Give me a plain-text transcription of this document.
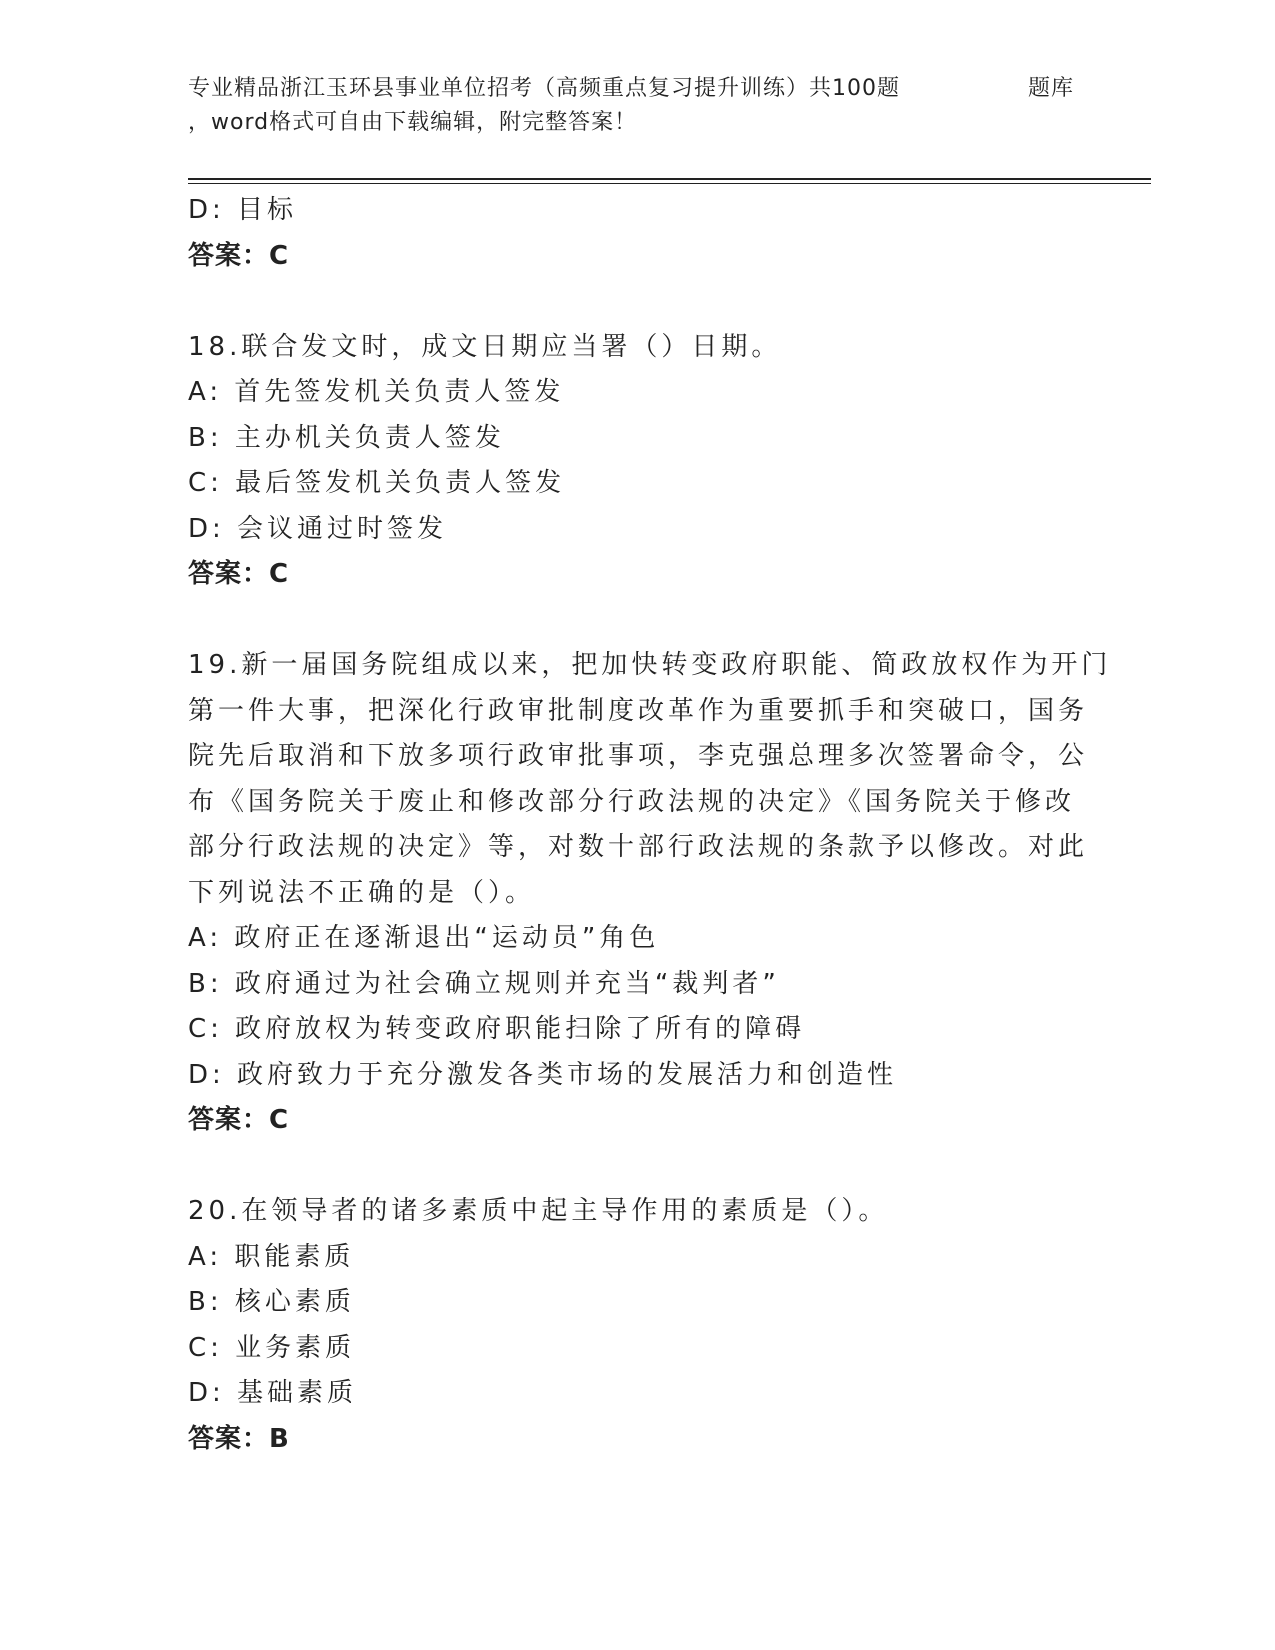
专业精品浙江玉环县事业单位招考（高频重点复习提升训练）共100题
，word格式可自由下载编辑，附完整答案！
题库

D: 目标

答案：C

18.联合发文时，成文日期应当署（）日期。

A: 首先签发机关负责人签发

B: 主办机关负责人签发

C: 最后签发机关负责人签发

D: 会议通过时签发

答案：C

19.新一届国务院组成以来，把加快转变政府职能、简政放权作为开门

第一件大事，把深化行政审批制度改革作为重要抓手和突破口，国务

院先后取消和下放多项行政审批事项，李克强总理多次签署命令，公

布《国务院关于废止和修改部分行政法规的决定》《国务院关于修改

部分行政法规的决定》等，对数十部行政法规的条款予以修改。对此

下列说法不正确的是（）。

A: 政府正在逐渐退出“运动员”角色

B: 政府通过为社会确立规则并充当“裁判者”

C: 政府放权为转变政府职能扫除了所有的障碍

D: 政府致力于充分激发各类市场的发展活力和创造性

答案：C

20.在领导者的诸多素质中起主导作用的素质是（）。

A: 职能素质

B: 核心素质

C: 业务素质

D: 基础素质

答案：B
